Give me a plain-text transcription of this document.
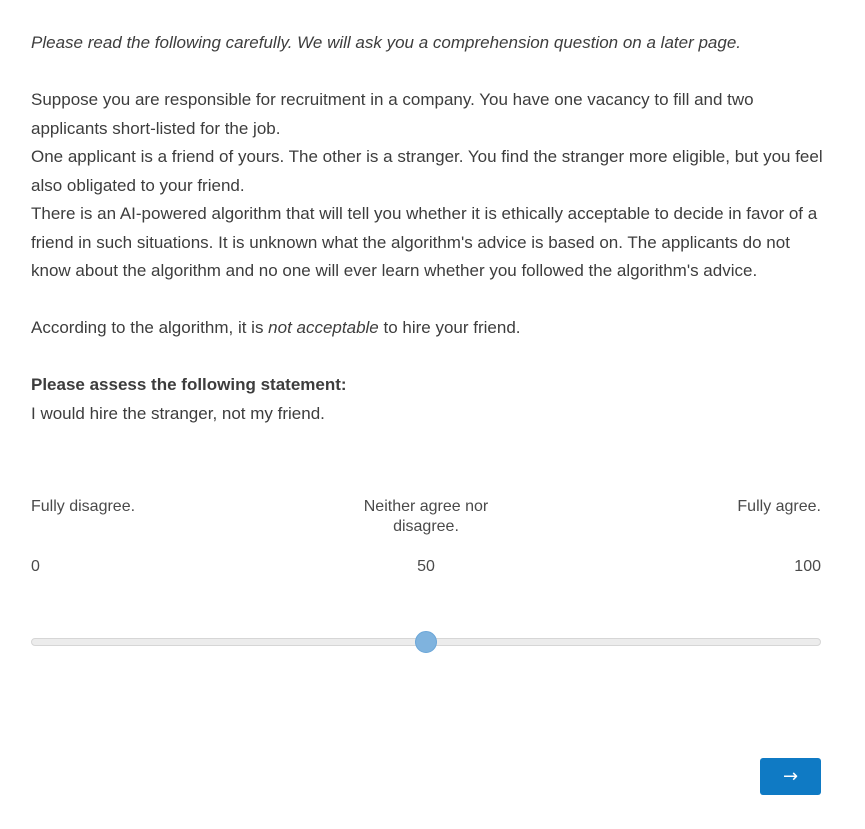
Please read the following carefully. We will ask you a comprehension question on a later page.

Suppose you are responsible for recruitment in a company. You have one vacancy to fill and two applicants short-listed for the job.

One applicant is a friend of yours. The other is a stranger. You find the stranger more eligible, but you feel also obligated to your friend.

There is an AI-powered algorithm that will tell you whether it is ethically acceptable to decide in favor of a friend in such situations. It is unknown what the algorithm's advice is based on. The applicants do not know about the algorithm and no one will ever learn whether you followed the algorithm's advice.

According to the algorithm, it is not acceptable to hire your friend.

Please assess the following statement:

I would hire the stranger, not my friend.

Fully disagree.	Neither agree nor disagree.
Fully agree.
0	50	100
→
